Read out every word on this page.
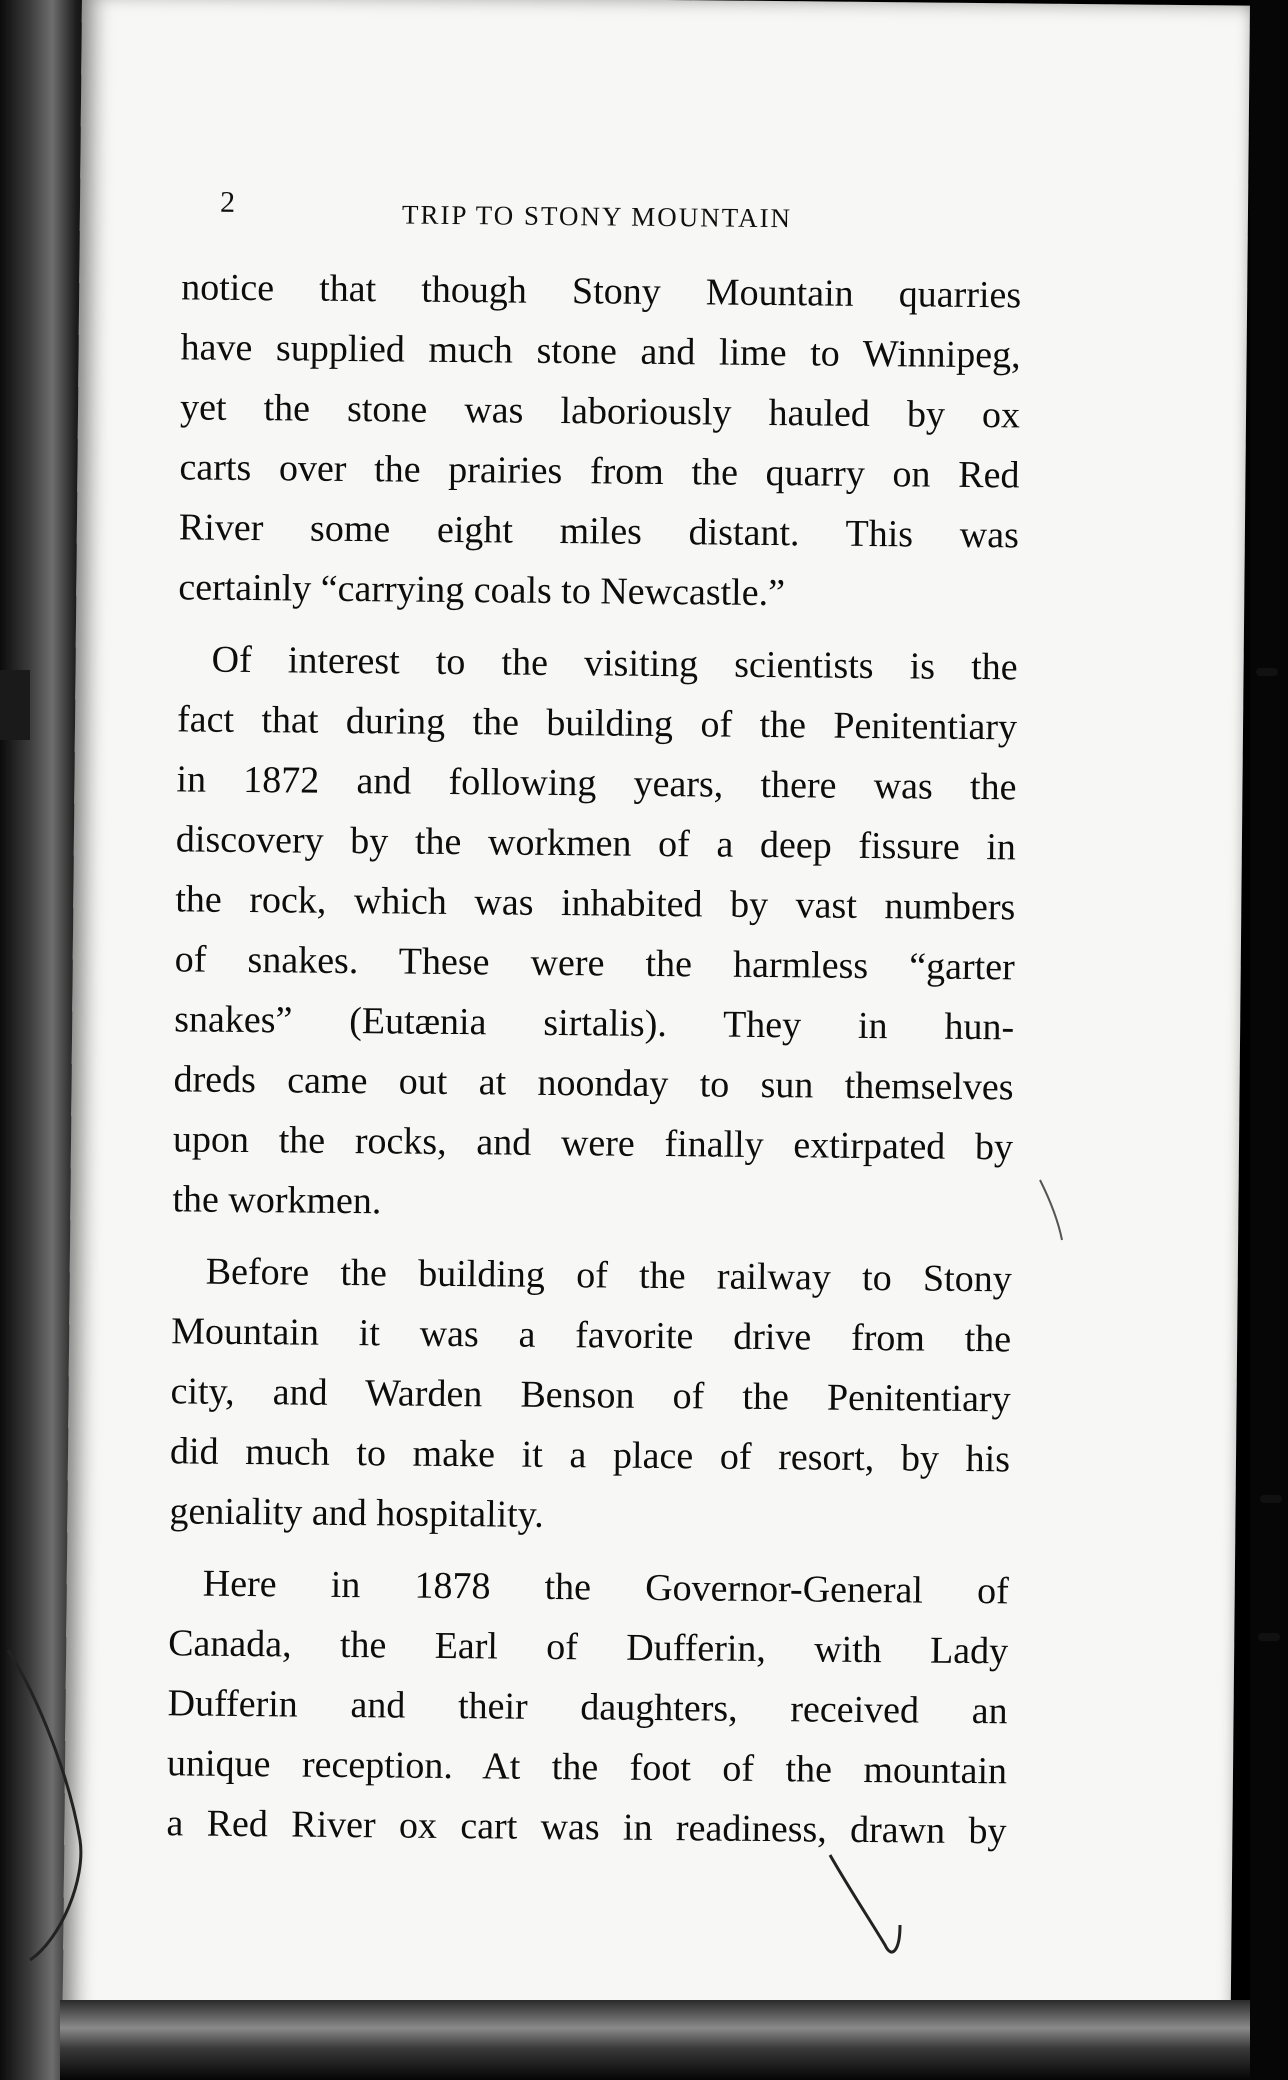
2	TRIP TO STONY MOUNTAIN
notice that though Stony Mountain quarries
have supplied much stone and lime to Winnipeg,
yet the stone was laboriously hauled by ox
carts over the prairies from the quarry on Red
River some eight miles distant. This was
certainly “carrying coals to Newcastle.”
Of interest to the visiting scientists is the
fact that during the building of the Penitentiary
in 1872 and following years, there was the
discovery by the workmen of a deep fissure in
the rock, which was inhabited by vast numbers
of snakes. These were the harmless “garter
snakes” (Eutænia sirtalis). They in hun-
dreds came out at noonday to sun themselves
upon the rocks, and were finally extirpated by
the workmen.
Before the building of the railway to Stony
Mountain it was a favorite drive from the
city, and Warden Benson of the Penitentiary
did much to make it a place of resort, by his
geniality and hospitality.
Here in 1878 the Governor-General of
Canada, the Earl of Dufferin, with Lady
Dufferin and their daughters, received an
unique reception. At the foot of the mountain
a Red River ox cart was in readiness, drawn by
